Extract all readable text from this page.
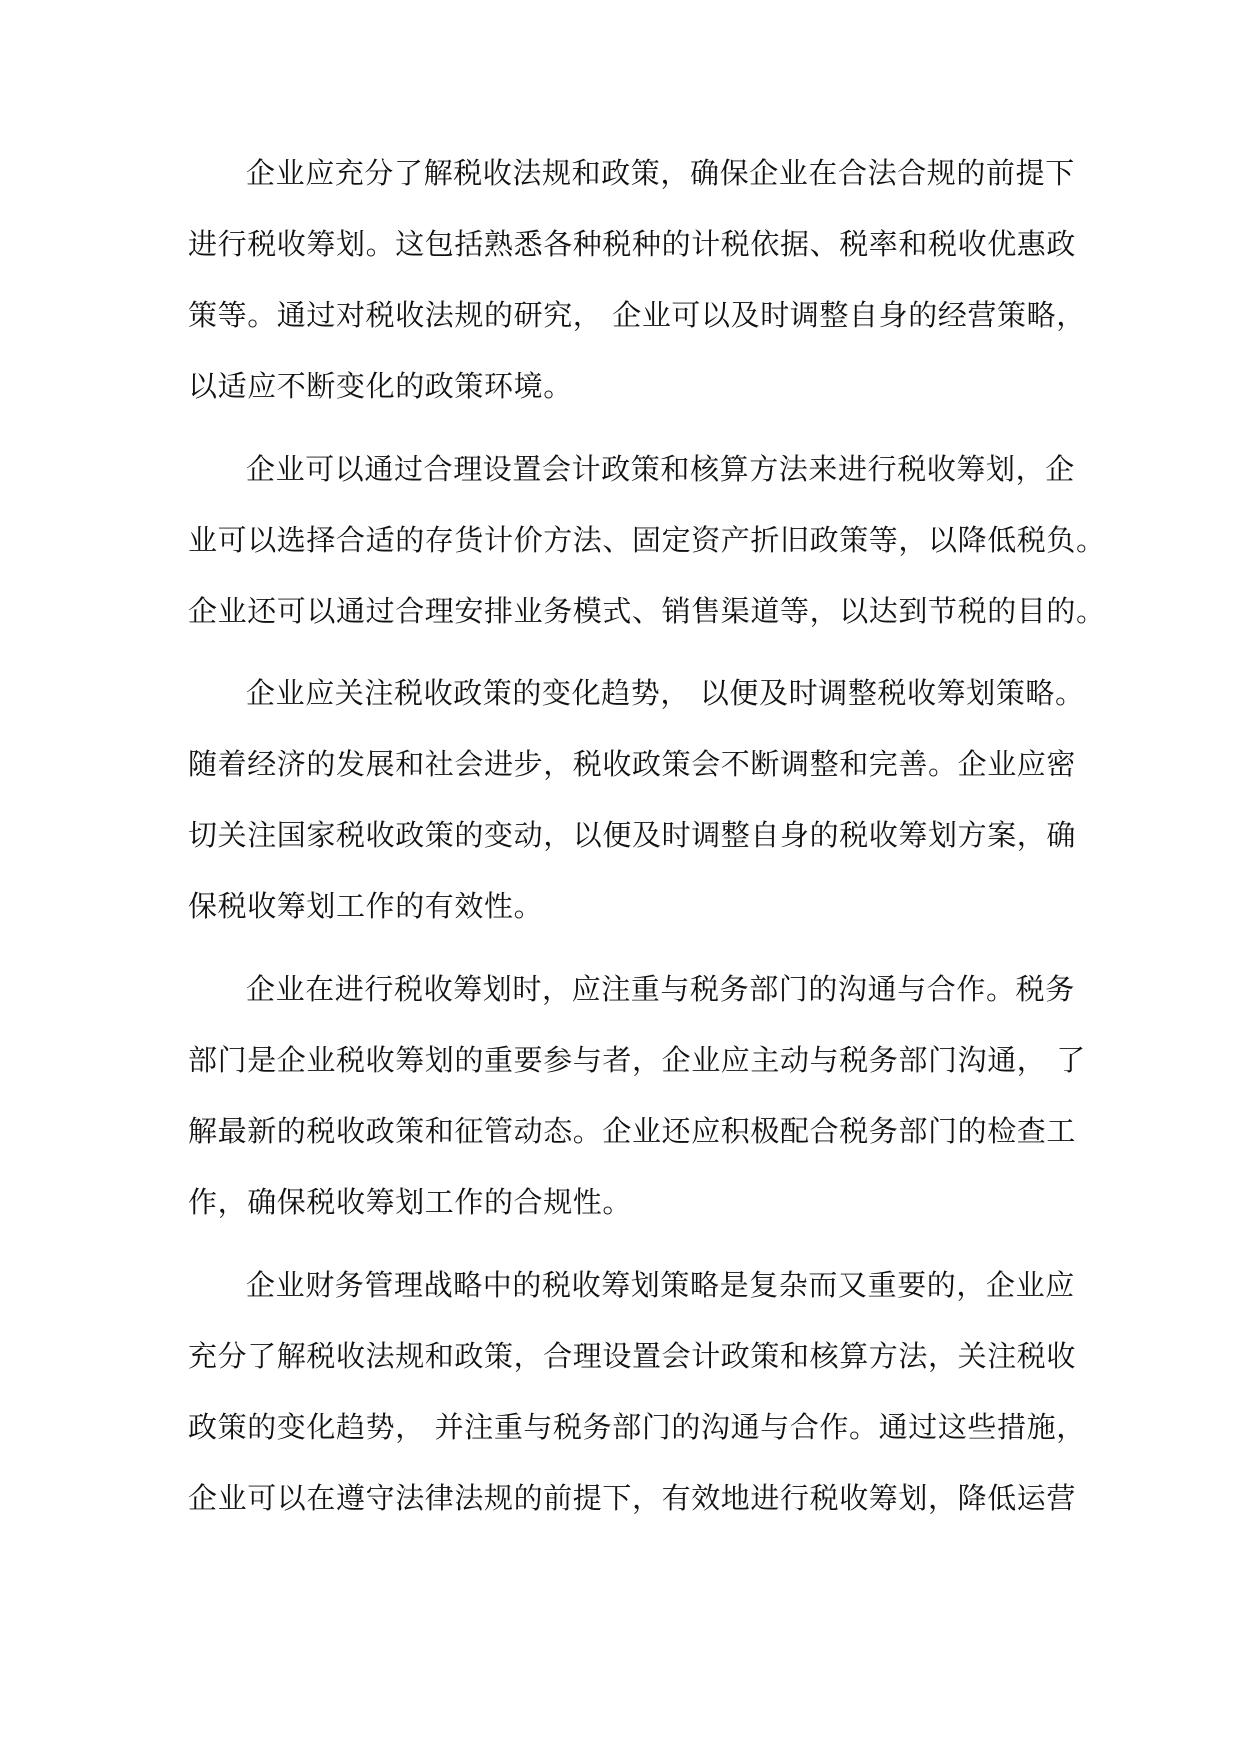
企业应充分了解税收法规和政策，确保企业在合法合规的前提下
进行税收筹划。这包括熟悉各种税种的计税依据、税率和税收优惠政
策等。通过对税收法规的研究， 企业可以及时调整自身的经营策略，
以适应不断变化的政策环境。
企业可以通过合理设置会计政策和核算方法来进行税收筹划，企
业可以选择合适的存货计价方法、固定资产折旧政策等，以降低税负。
企业还可以通过合理安排业务模式、销售渠道等，以达到节税的目的。
企业应关注税收政策的变化趋势， 以便及时调整税收筹划策略。
随着经济的发展和社会进步，税收政策会不断调整和完善。企业应密
切关注国家税收政策的变动，以便及时调整自身的税收筹划方案，确
保税收筹划工作的有效性。
企业在进行税收筹划时，应注重与税务部门的沟通与合作。税务
部门是企业税收筹划的重要参与者，企业应主动与税务部门沟通， 了
解最新的税收政策和征管动态。企业还应积极配合税务部门的检查工
作，确保税收筹划工作的合规性。
企业财务管理战略中的税收筹划策略是复杂而又重要的，企业应
充分了解税收法规和政策，合理设置会计政策和核算方法，关注税收
政策的变化趋势， 并注重与税务部门的沟通与合作。通过这些措施，
企业可以在遵守法律法规的前提下，有效地进行税收筹划，降低运营
